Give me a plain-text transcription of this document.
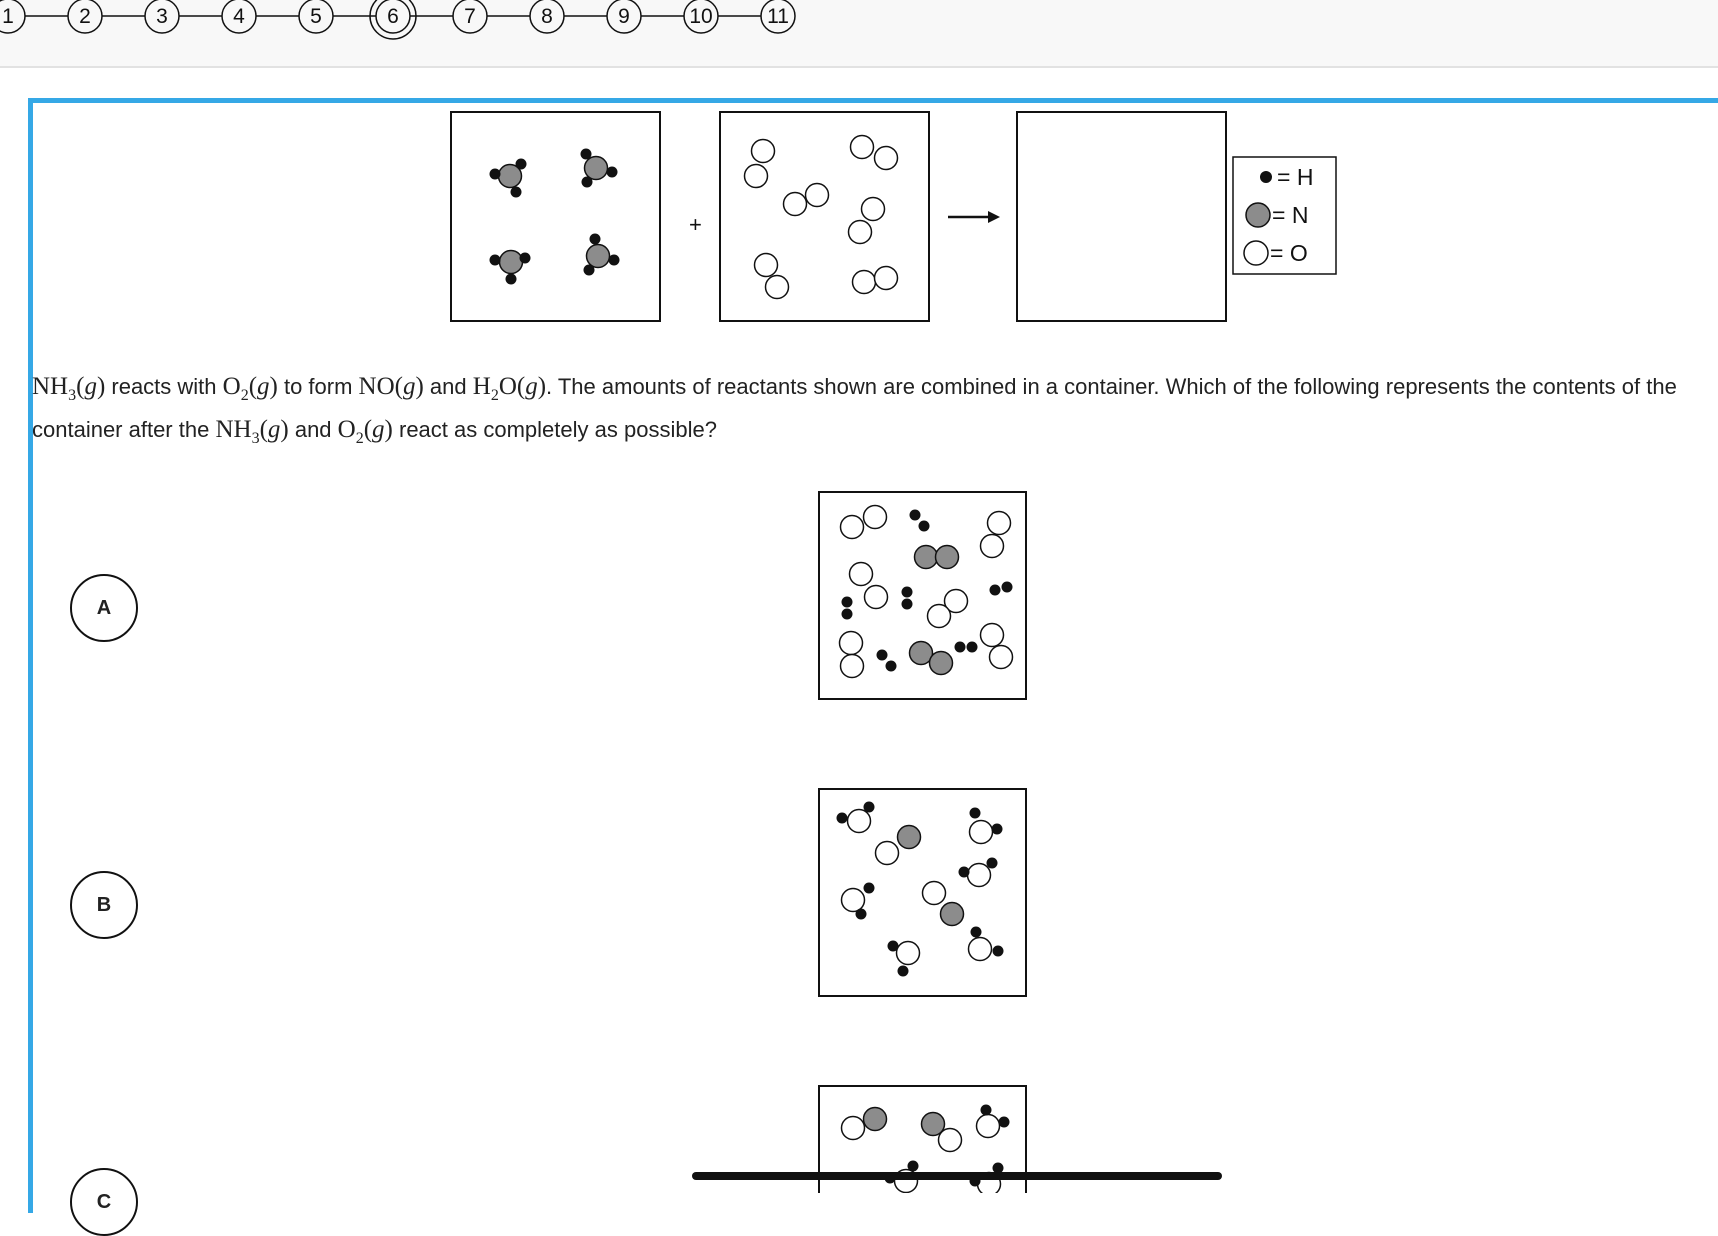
1	2	3	4	5	6	7	8	9	10	11
+
= H
= N
= O
$NH_3(g)$ reacts with $O_2(g)$ to form NO(g) and $H_2O(g)$. The amounts of reactants shown are combined in a container. Which of the following represents the contents of the container after the $NH_3(g)$ and $O_2(g)$ react as completely as possible?
A
B
C
